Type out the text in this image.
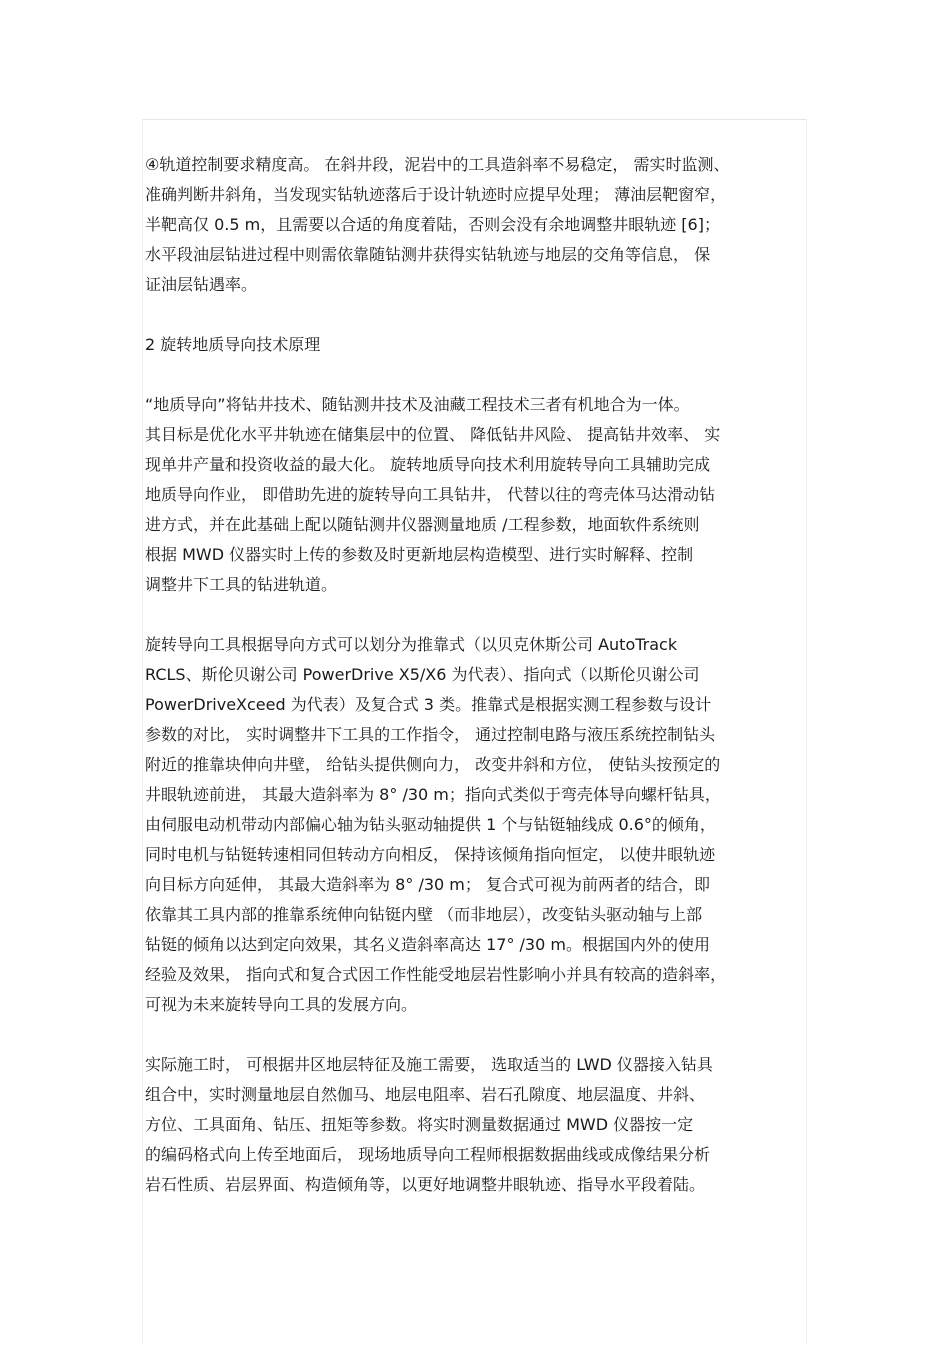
④轨道控制要求精度高。 在斜井段，泥岩中的工具造斜率不易稳定， 需实时监测、
准确判断井斜角，当发现实钻轨迹落后于设计轨迹时应提早处理； 薄油层靶窗窄，
半靶高仅 0.5 m，且需要以合适的角度着陆，否则会没有余地调整井眼轨迹 [6]；
水平段油层钻进过程中则需依靠随钻测井获得实钻轨迹与地层的交角等信息， 保
证油层钻遇率。
2 旋转地质导向技术原理
“地质导向”将钻井技术、随钻测井技术及油藏工程技术三者有机地合为一体。
其目标是优化水平井轨迹在储集层中的位置、 降低钻井风险、 提高钻井效率、 实
现单井产量和投资收益的最大化。 旋转地质导向技术利用旋转导向工具辅助完成
地质导向作业， 即借助先进的旋转导向工具钻井， 代替以往的弯壳体马达滑动钻
进方式，并在此基础上配以随钻测井仪器测量地质 /工程参数，地面软件系统则
根据 MWD 仪器实时上传的参数及时更新地层构造模型、进行实时解释、控制
调整井下工具的钻进轨道。
旋转导向工具根据导向方式可以划分为推靠式（以贝克休斯公司 AutoTrack
RCLS、斯伦贝谢公司 PowerDrive X5/X6 为代表）、指向式（以斯伦贝谢公司
PowerDriveXceed 为代表）及复合式 3 类。推靠式是根据实测工程参数与设计
参数的对比， 实时调整井下工具的工作指令， 通过控制电路与液压系统控制钻头
附近的推靠块伸向井壁， 给钻头提供侧向力， 改变井斜和方位， 使钻头按预定的
井眼轨迹前进， 其最大造斜率为 8° /30 m；指向式类似于弯壳体导向螺杆钻具，
由伺服电动机带动内部偏心轴为钻头驱动轴提供 1 个与钻铤轴线成 0.6°的倾角，
同时电机与钻铤转速相同但转动方向相反， 保持该倾角指向恒定， 以使井眼轨迹
向目标方向延伸， 其最大造斜率为 8° /30 m； 复合式可视为前两者的结合，即
依靠其工具内部的推靠系统伸向钻铤内壁 （而非地层），改变钻头驱动轴与上部
钻铤的倾角以达到定向效果，其名义造斜率高达 17° /30 m。根据国内外的使用
经验及效果， 指向式和复合式因工作性能受地层岩性影响小并具有较高的造斜率，
可视为未来旋转导向工具的发展方向。
实际施工时， 可根据井区地层特征及施工需要， 选取适当的 LWD 仪器接入钻具
组合中，实时测量地层自然伽马、地层电阻率、岩石孔隙度、地层温度、井斜、
方位、工具面角、钻压、扭矩等参数。将实时测量数据通过 MWD 仪器按一定
的编码格式向上传至地面后， 现场地质导向工程师根据数据曲线或成像结果分析
岩石性质、岩层界面、构造倾角等，以更好地调整井眼轨迹、指导水平段着陆。
